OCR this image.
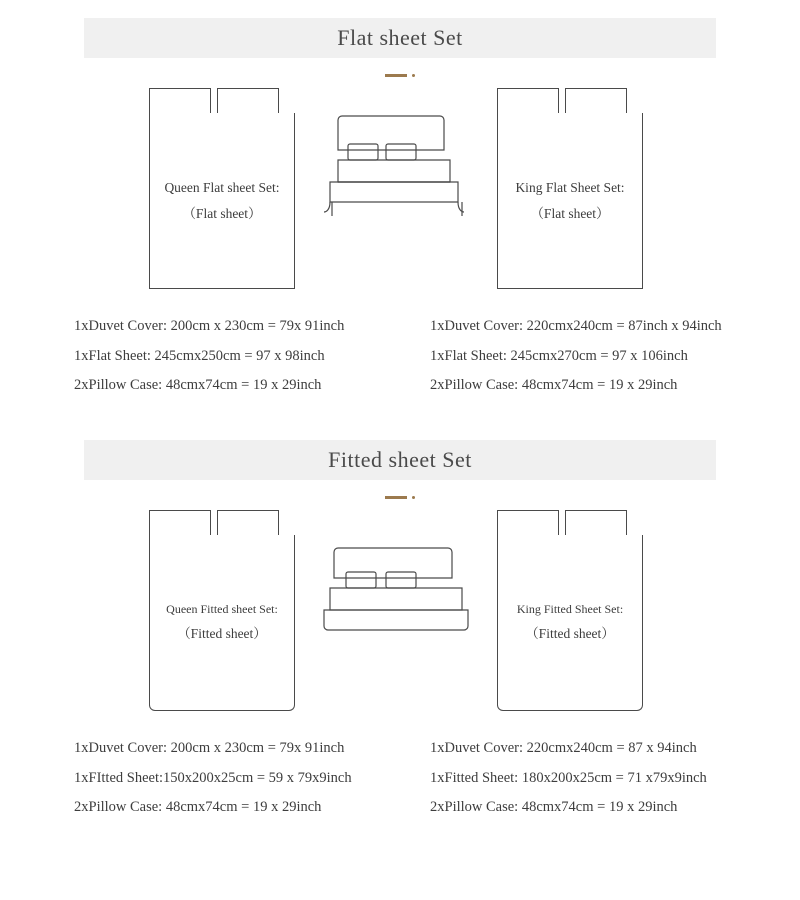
Flat sheet Set
Queen Flat sheet Set:
（Flat sheet）
King Flat Sheet Set:
（Flat sheet）
1xDuvet Cover: 200cm x 230cm = 79x 91inch
1xFlat Sheet: 245cmx250cm = 97 x 98inch
2xPillow Case: 48cmx74cm = 19 x 29inch
1xDuvet Cover: 220cmx240cm = 87inch x 94inch
1xFlat Sheet: 245cmx270cm = 97 x 106inch
2xPillow Case: 48cmx74cm = 19 x 29inch
Fitted sheet Set
Queen Fitted sheet Set:
（Fitted sheet）
King Fitted Sheet Set:
（Fitted sheet）
1xDuvet Cover: 200cm x 230cm = 79x 91inch
1xFItted Sheet:150x200x25cm = 59 x 79x9inch
2xPillow Case: 48cmx74cm = 19 x 29inch
1xDuvet Cover: 220cmx240cm = 87 x 94inch
1xFitted Sheet: 180x200x25cm = 71 x79x9inch
2xPillow Case: 48cmx74cm = 19 x 29inch
